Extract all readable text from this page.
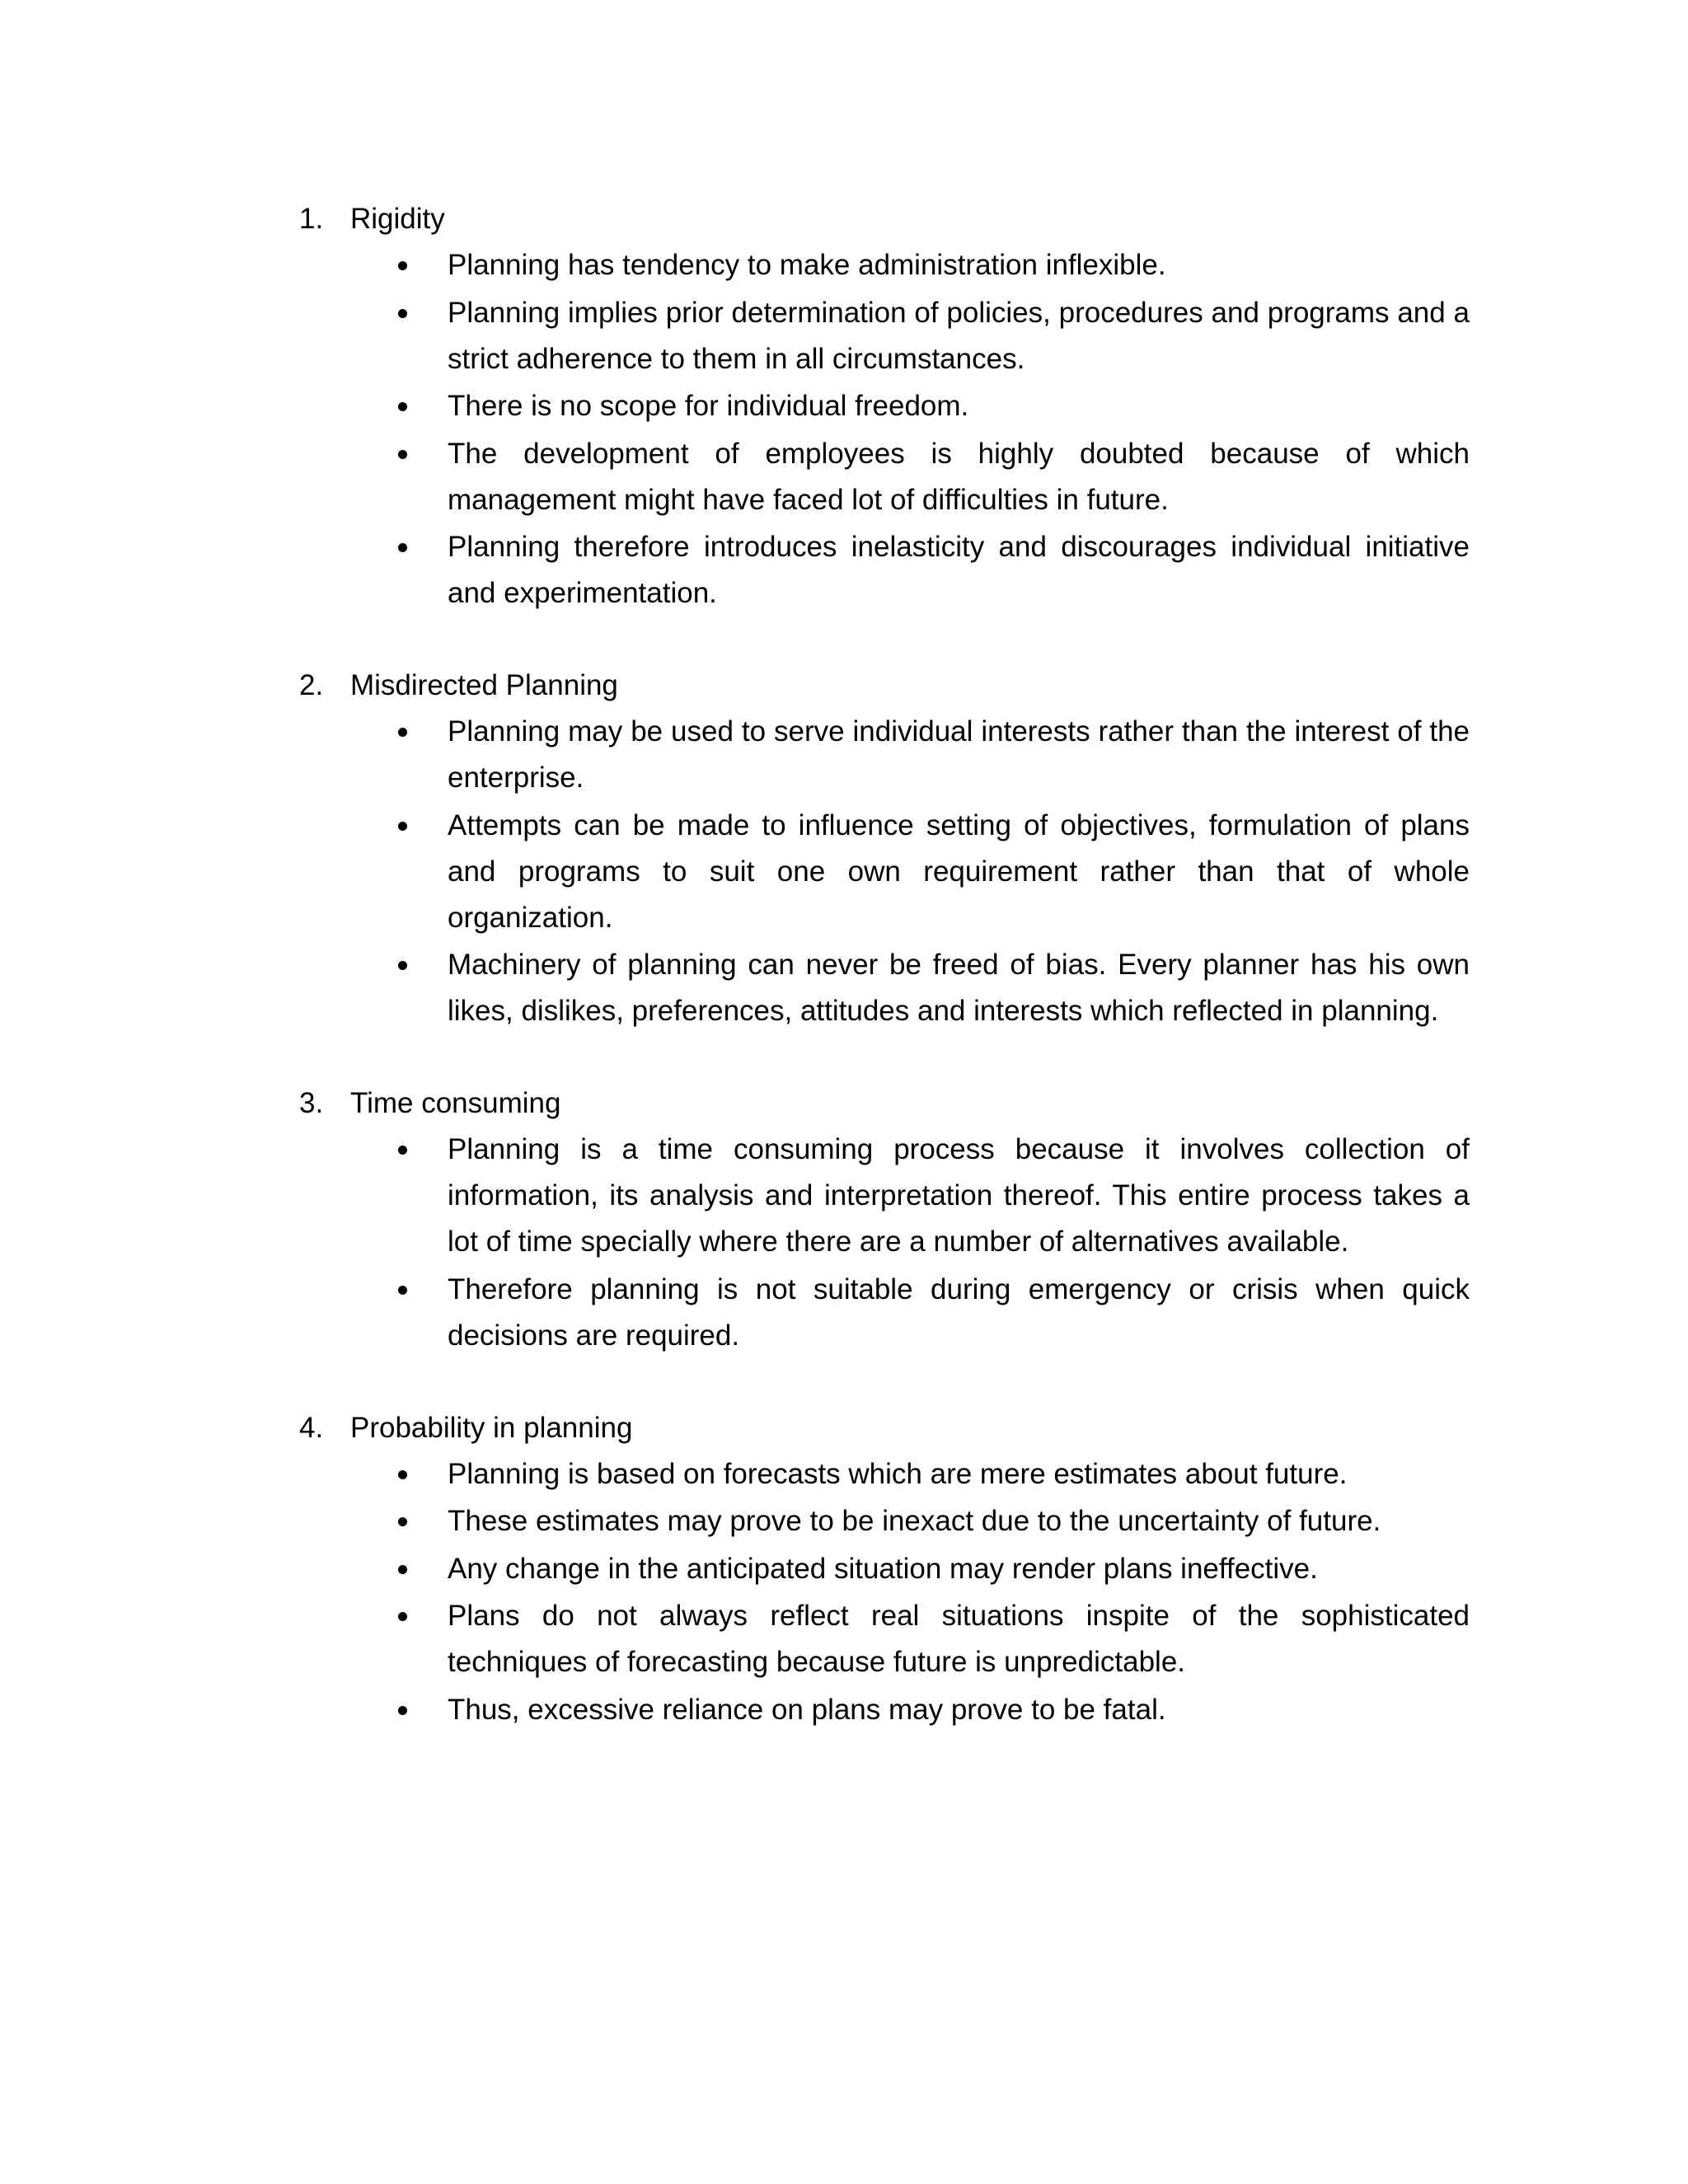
1. Rigidity
Planning has tendency to make administration inflexible.
Planning implies prior determination of policies, procedures and programs and a strict adherence to them in all circumstances.
There is no scope for individual freedom.
The development of employees is highly doubted because of which management might have faced lot of difficulties in future.
Planning therefore introduces inelasticity and discourages individual initiative and experimentation.
2. Misdirected Planning
Planning may be used to serve individual interests rather than the interest of the enterprise.
Attempts can be made to influence setting of objectives, formulation of plans and programs to suit one own requirement rather than that of whole organization.
Machinery of planning can never be freed of bias. Every planner has his own likes, dislikes, preferences, attitudes and interests which reflected in planning.
3. Time consuming
Planning is a time consuming process because it involves collection of information, its analysis and interpretation thereof. This entire process takes a lot of time specially where there are a number of alternatives available.
Therefore planning is not suitable during emergency or crisis when quick decisions are required.
4. Probability in planning
Planning is based on forecasts which are mere estimates about future.
These estimates may prove to be inexact due to the uncertainty of future.
Any change in the anticipated situation may render plans ineffective.
Plans do not always reflect real situations inspite of the sophisticated techniques of forecasting because future is unpredictable.
Thus, excessive reliance on plans may prove to be fatal.
